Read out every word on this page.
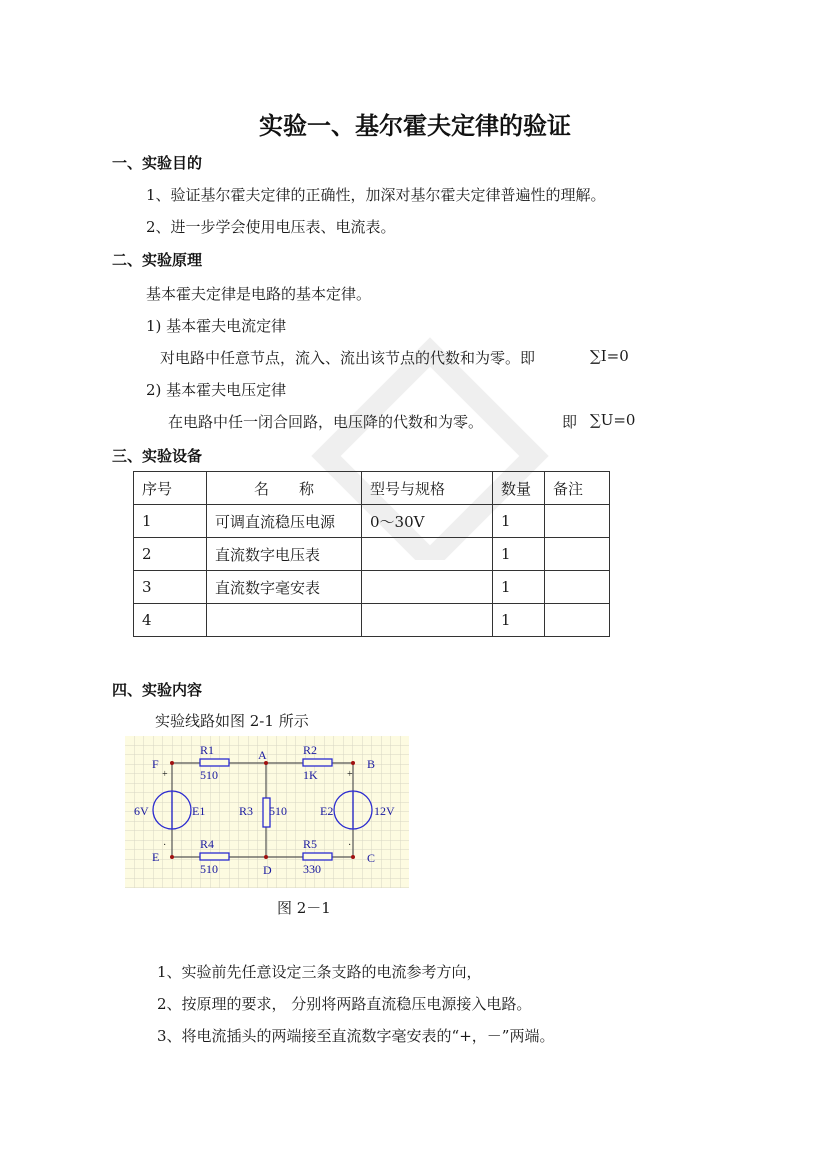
实验一、基尔霍夫定律的验证
一、实验目的
1、验证基尔霍夫定律的正确性，加深对基尔霍夫定律普遍性的理解。
2、进一步学会使用电压表、电流表。
二、实验原理
基本霍夫定律是电路的基本定律。
1) 基本霍夫电流定律
对电路中任意节点，流入、流出该节点的代数和为零。即	∑I=0
2) 基本霍夫电压定律
在电路中任一闭合回路，电压降的代数和为零。	即 ∑U=0
三、实验设备
序号	名　　称	型号与规格	数量	备注
1	可调直流稳压电源	0～30V	1	
2	直流数字电压表		1	
3	直流数字毫安表		1	
4			1	
四、实验内容
实验线路如图 2-1 所示
A
B
C
D
E
F
R1
510
R2
1K
R3 510
R4
510
R5
330
E1
6V	E2	12V
+	+
·	·
图 2－1
1、实验前先任意设定三条支路的电流参考方向，
2、按原理的要求， 分别将两路直流稳压电源接入电路。
3、将电流插头的两端接至直流数字毫安表的“+，－”两端。
